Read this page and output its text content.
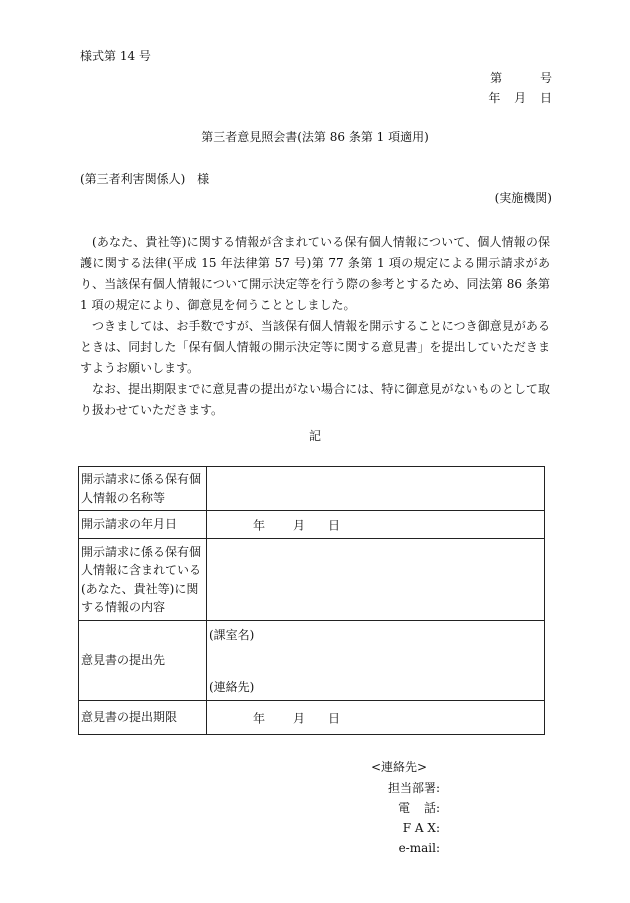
様式第 14 号
第 号
年 月 日
第三者意見照会書(法第 86 条第 1 項適用)
(第三者利害関係人) 様
(実施機関)

(あなた、貴社等)に関する情報が含まれている保有個人情報について、個人情報の保護に関する法律(平成 15 年法律第 57 号)第 77 条第 1 項の規定による開示請求があり、当該保有個人情報について開示決定等を行う際の参考とするため、同法第 86 条第 1 項の規定により、御意見を伺うこととしました。

つきましては、お手数ですが、当該保有個人情報を開示することにつき御意見があるときは、同封した「保有個人情報の開示決定等に関する意見書」を提出していただきますようお願いします。

なお、提出期限までに意見書の提出がない場合には、特に御意見がないものとして取り扱わせていただきます。

記
開示請求に係る保有個人情報の名称等	
開示請求の年月日	年 月 日

開示請求に係る保有個人情報に含まれている(あなた、貴社等)に関する情報の内容	
意見書の提出先	(課室名)
(連絡先)

意見書の提出期限	年 月 日
<連絡先>
担当部署:
電 話:
F A X:
e-mail:
